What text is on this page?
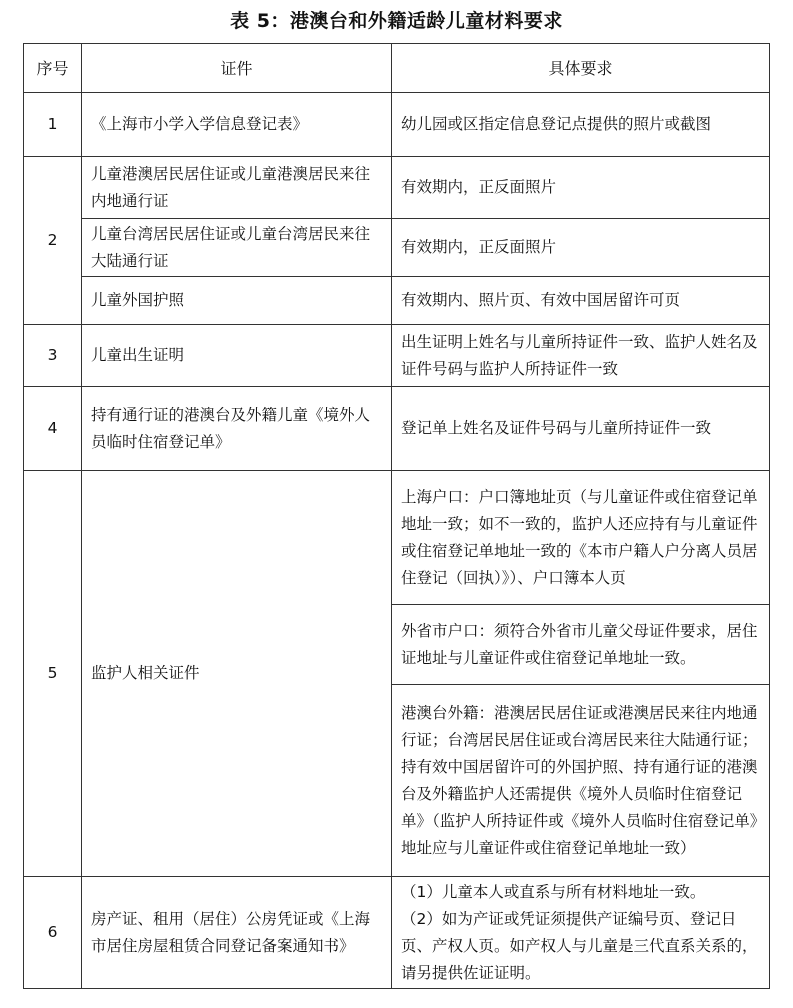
表 5：港澳台和外籍适龄儿童材料要求
序号	证件	具体要求
1	《上海市小学入学信息登记表》	幼儿园或区指定信息登记点提供的照片或截图
2	儿童港澳居民居住证或儿童港澳居民来往内地通行证	有效期内，正反面照片
	儿童台湾居民居住证或儿童台湾居民来往大陆通行证	有效期内，正反面照片
	儿童外国护照	有效期内、照片页、有效中国居留许可页
3	儿童出生证明	出生证明上姓名与儿童所持证件一致、监护人姓名及证件号码与监护人所持证件一致
4	持有通行证的港澳台及外籍儿童《境外人员临时住宿登记单》	登记单上姓名及证件号码与儿童所持证件一致
5	监护人相关证件	上海户口：户口簿地址页（与儿童证件或住宿登记单地址一致；如不一致的，监护人还应持有与儿童证件或住宿登记单地址一致的《本市户籍人户分离人员居住登记（回执）》）、户口簿本人页
		外省市户口：须符合外省市儿童父母证件要求，居住证地址与儿童证件或住宿登记单地址一致。
		港澳台外籍：港澳居民居住证或港澳居民来往内地通行证；台湾居民居住证或台湾居民来往大陆通行证；持有效中国居留许可的外国护照、持有通行证的港澳台及外籍监护人还需提供《境外人员临时住宿登记单》（监护人所持证件或《境外人员临时住宿登记单》地址应与儿童证件或住宿登记单地址一致）
6	房产证、租用（居住）公房凭证或《上海市居住房屋租赁合同登记备案通知书》	（1）儿童本人或直系与所有材料地址一致。
（2）如为产证或凭证须提供产证编号页、登记日页、产权人页。如产权人与儿童是三代直系关系的，请另提供佐证证明。
